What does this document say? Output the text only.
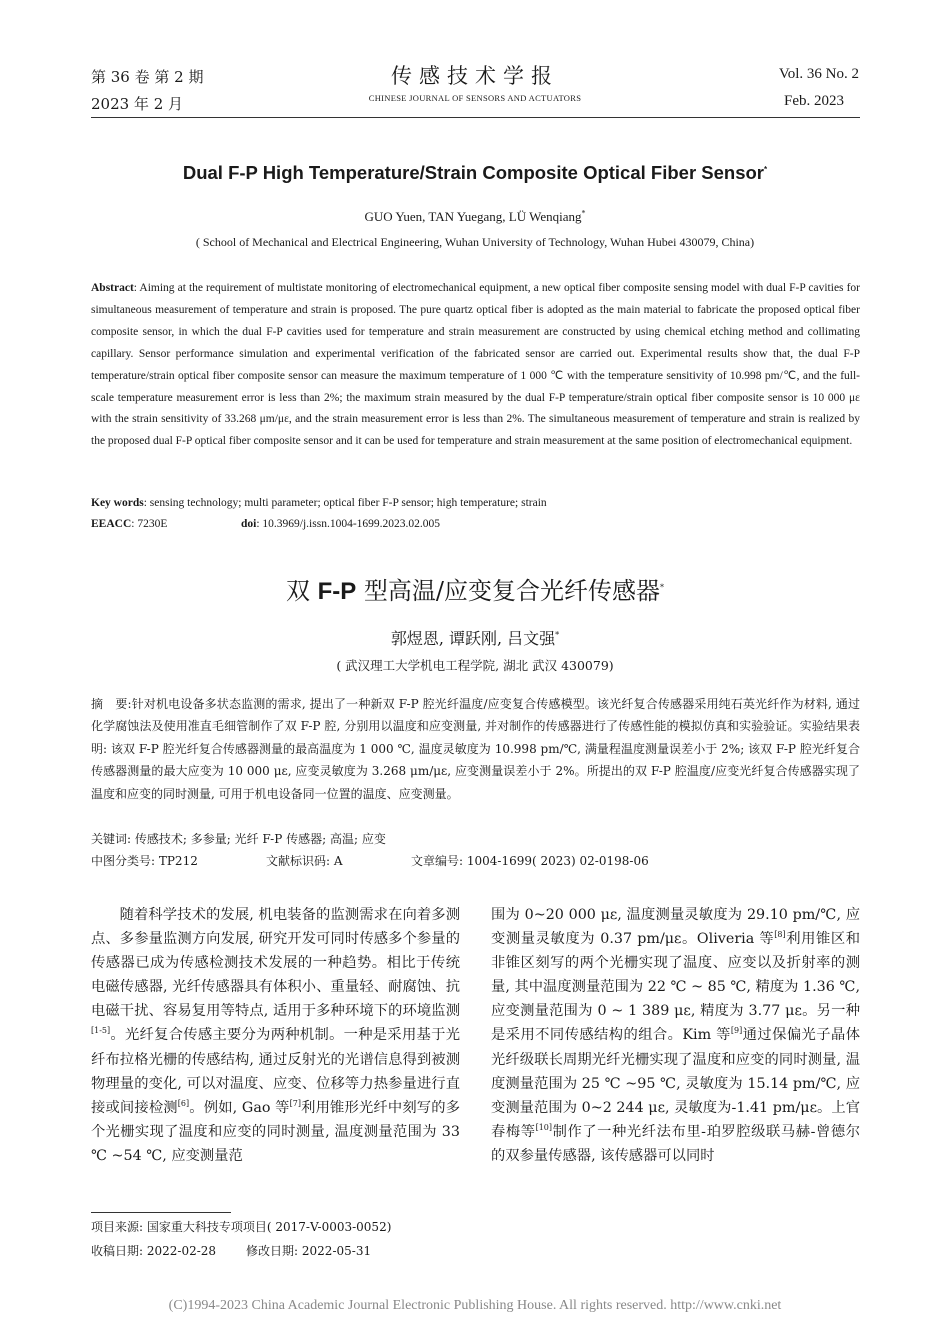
第 36 卷 第 2 期
2023 年 2 月
传感技术学报
CHINESE JOURNAL OF SENSORS AND ACTUATORS
Vol. 36 No. 2
Feb. 2023
Dual F-P High Temperature/Strain Composite Optical Fiber Sensor*
GUO Yuen, TAN Yuegang, LÜ Wenqiang*
( School of Mechanical and Electrical Engineering, Wuhan University of Technology, Wuhan Hubei 430079, China)
Abstract: Aiming at the requirement of multistate monitoring of electromechanical equipment, a new optical fiber composite sensing model with dual F-P cavities for simultaneous measurement of temperature and strain is proposed. The pure quartz optical fiber is adopted as the main material to fabricate the proposed optical fiber composite sensor, in which the dual F-P cavities used for temperature and strain measurement are constructed by using chemical etching method and collimating capillary. Sensor performance simulation and experimental verification of the fabricated sensor are carried out. Experimental results show that, the dual F-P temperature/strain optical fiber composite sensor can measure the maximum temperature of 1 000 ℃ with the temperature sensitivity of 10.998 pm/℃, and the full-scale temperature measurement error is less than 2%; the maximum strain measured by the dual F-P temperature/strain optical fiber composite sensor is 10 000 με with the strain sensitivity of 33.268 μm/με, and the strain measurement error is less than 2%. The simultaneous measurement of temperature and strain is realized by the proposed dual F-P optical fiber composite sensor and it can be used for temperature and strain measurement at the same position of electromechanical equipment.
Key words: sensing technology; multi parameter; optical fiber F-P sensor; high temperature; strain
EEACC: 7230E	doi: 10.3969/j.issn.1004-1699.2023.02.005
双 F-P 型高温/应变复合光纤传感器*
郭煜恩, 谭跃刚, 吕文强*
( 武汉理工大学机电工程学院, 湖北 武汉 430079)
摘　要:针对机电设备多状态监测的需求, 提出了一种新双 F-P 腔光纤温度/应变复合传感模型。该光纤复合传感器采用纯石英光纤作为材料, 通过化学腐蚀法及使用准直毛细管制作了双 F-P 腔, 分别用以温度和应变测量, 并对制作的传感器进行了传感性能的模拟仿真和实验验证。实验结果表明: 该双 F-P 腔光纤复合传感器测量的最高温度为 1 000 ℃, 温度灵敏度为 10.998 pm/℃, 满量程温度测量误差小于 2%; 该双 F-P 腔光纤复合传感器测量的最大应变为 10 000 με, 应变灵敏度为 3.268 μm/με, 应变测量误差小于 2%。所提出的双 F-P 腔温度/应变光纤复合传感器实现了温度和应变的同时测量, 可用于机电设备同一位置的温度、应变测量。
关键词: 传感技术; 多参量; 光纤 F-P 传感器; 高温; 应变
中图分类号: TP212	文献标识码: A	文章编号: 1004-1699( 2023) 02-0198-06
随着科学技术的发展, 机电装备的监测需求在向着多测点、多参量监测方向发展, 研究开发可同时传感多个参量的传感器已成为传感检测技术发展的一种趋势。相比于传统电磁传感器, 光纤传感器具有体积小、重量轻、耐腐蚀、抗电磁干扰、容易复用等特点, 适用于多种环境下的环境监测[1-5]。光纤复合传感主要分为两种机制。一种是采用基于光纤布拉格光栅的传感结构, 通过反射光的光谱信息得到被测物理量的变化, 可以对温度、应变、位移等力热参量进行直接或间接检测[6]。例如, Gao 等[7]利用锥形光纤中刻写的多个光栅实现了温度和应变的同时测量, 温度测量范围为 33 ℃ ~54 ℃, 应变测量范
围为 0~20 000 με, 温度测量灵敏度为 29.10 pm/℃, 应变测量灵敏度为 0.37 pm/με。Oliveria 等[8]利用锥区和非锥区刻写的两个光栅实现了温度、应变以及折射率的测量, 其中温度测量范围为 22 ℃ ~ 85 ℃, 精度为 1.36 ℃, 应变测量范围为 0 ~ 1 389 με, 精度为 3.77 με。另一种是采用不同传感结构的组合。Kim 等[9]通过保偏光子晶体光纤级联长周期光纤光栅实现了温度和应变的同时测量, 温度测量范围为 25 ℃ ~95 ℃, 灵敏度为 15.14 pm/℃, 应变测量范围为 0~2 244 με, 灵敏度为-1.41 pm/με。上官春梅等[10]制作了一种光纤法布里-珀罗腔级联马赫-曾德尔的双参量传感器, 该传感器可以同时
项目来源: 国家重大科技专项项目( 2017-V-0003-0052)
收稿日期: 2022-02-28	修改日期: 2022-05-31
(C)1994-2023 China Academic Journal Electronic Publishing House. All rights reserved. http://www.cnki.net
